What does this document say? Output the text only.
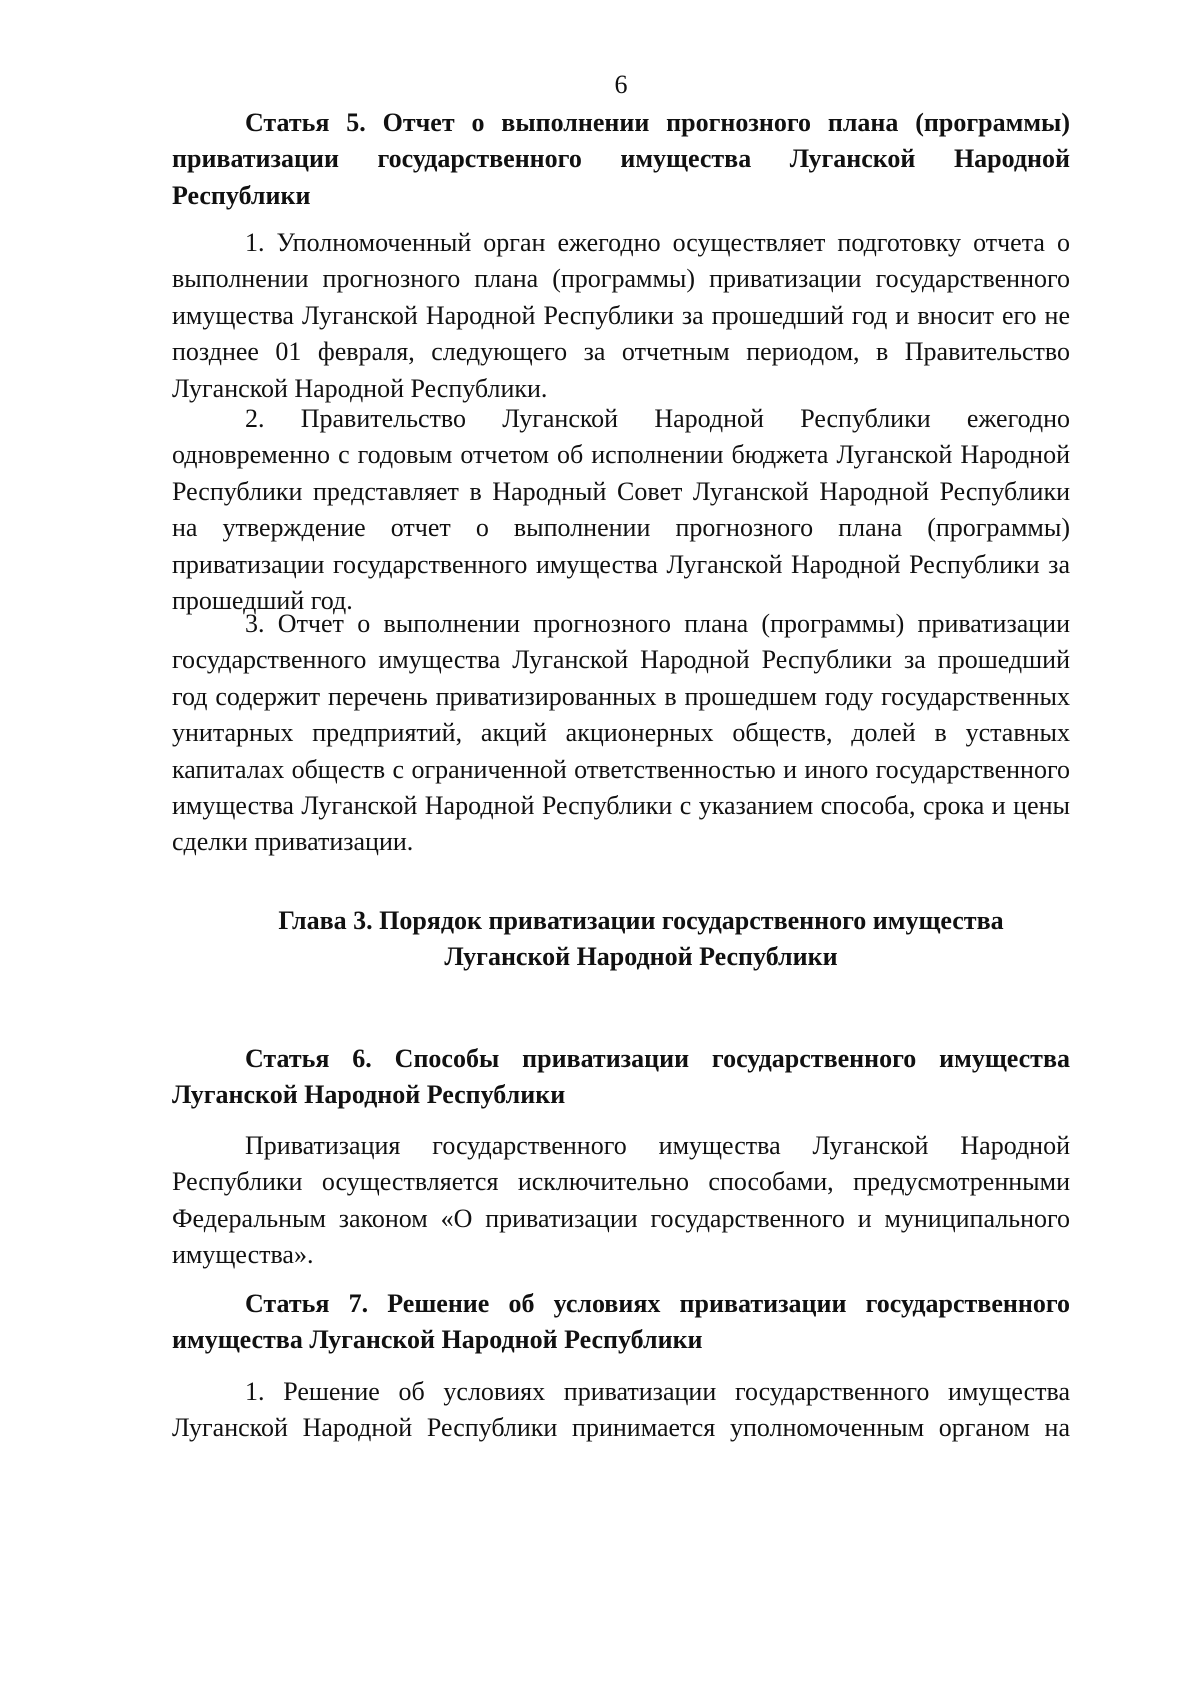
6
Статья 5. Отчет о выполнении прогнозного плана (программы) приватизации государственного имущества Луганской Народной Республики
1. Уполномоченный орган ежегодно осуществляет подготовку отчета о выполнении прогнозного плана (программы) приватизации государственного имущества Луганской Народной Республики за прошедший год и вносит его не позднее 01 февраля, следующего за отчетным периодом, в Правительство Луганской Народной Республики.
2. Правительство Луганской Народной Республики ежегодно одновременно с годовым отчетом об исполнении бюджета Луганской Народной Республики представляет в Народный Совет Луганской Народной Республики на утверждение отчет о выполнении прогнозного плана (программы) приватизации государственного имущества Луганской Народной Республики за прошедший год.
3. Отчет о выполнении прогнозного плана (программы) приватизации государственного имущества Луганской Народной Республики за прошедший год содержит перечень приватизированных в прошедшем году государственных унитарных предприятий, акций акционерных обществ, долей в уставных капиталах обществ с ограниченной ответственностью и иного государственного имущества Луганской Народной Республики с указанием способа, срока и цены сделки приватизации.
Глава 3. Порядок приватизации государственного имущества
Луганской Народной Республики
Статья 6. Способы приватизации государственного имущества Луганской Народной Республики
Приватизация государственного имущества Луганской Народной Республики осуществляется исключительно способами, предусмотренными Федеральным законом «О приватизации государственного и муниципального имущества».
Статья 7. Решение об условиях приватизации государственного имущества Луганской Народной Республики
1. Решение об условиях приватизации государственного имущества Луганской Народной Республики принимается уполномоченным органом на
